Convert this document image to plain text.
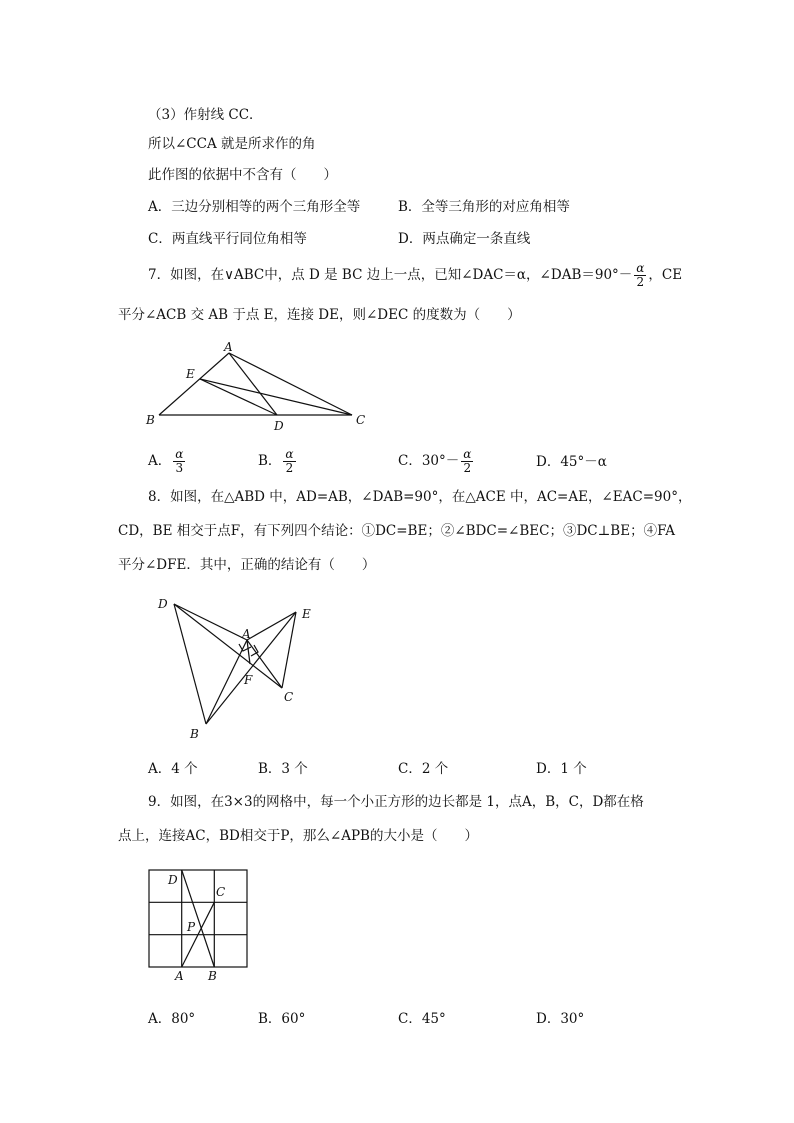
（3）作射线 CC．
所以∠CCA 就是所求作的角
此作图的依据中不含有（　　）
A．三边分别相等的两个三角形全等	B．全等三角形的对应角相等
C．两直线平行同位角相等	D．两点确定一条直线
7．如图，在∨ABC中，点 D 是 BC 边上一点，已知∠DAC＝α，∠DAB＝90°－ $\frac{\alpha}{2}$ ，CE
平分∠ACB 交 AB 于点 E，连接 DE，则∠DEC 的度数为（　　）
A
E
B	D	C
A． $\frac{\alpha}{3}$	B． $\frac{\alpha}{2}$	C．$30^\circ- \frac{\alpha}{2}$	D．45°－α
8．如图，在△ABD 中，AD=AB，∠DAB=90°，在△ACE 中，AC=AE，∠EAC=90°，
CD，BE 相交于点F，有下列四个结论：①DC=BE；②∠BDC=∠BEC；③DC⊥BE；④FA
平分∠DFE．其中，正确的结论有（　　）
D
A
E
F
C
B
A．4 个	B．3 个	C．2 个	D．1 个
9．如图，在3×3的网格中，每一个小正方形的边长都是 1，点A，B，C，D都在格
点上，连接AC，BD相交于P，那么∠APB的大小是（　　）
D
C
P
A B
A．80°	B．60°	C．45°	D．30°
